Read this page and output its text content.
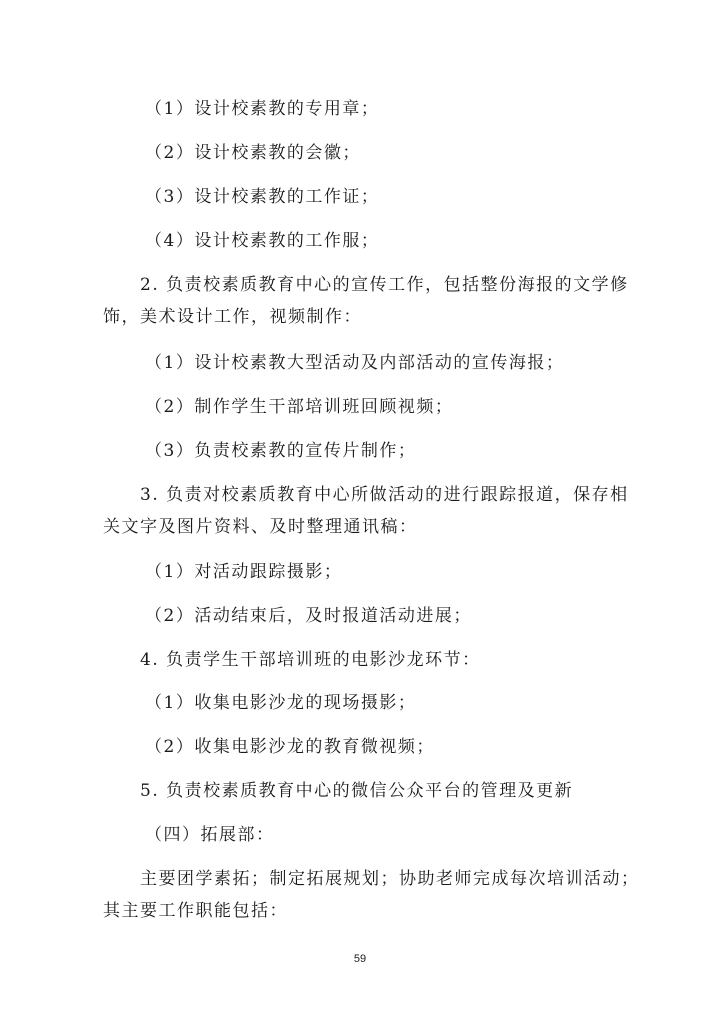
（1）设计校素教的专用章；
（2）设计校素教的会徽；
（3）设计校素教的工作证；
（4）设计校素教的工作服；
2. 负责校素质教育中心的宣传工作，包括整份海报的文学修
饰，美术设计工作，视频制作：
（1）设计校素教大型活动及内部活动的宣传海报；
（2）制作学生干部培训班回顾视频；
（3）负责校素教的宣传片制作；
3. 负责对校素质教育中心所做活动的进行跟踪报道，保存相
关文字及图片资料、及时整理通讯稿：
（1）对活动跟踪摄影；
（2）活动结束后，及时报道活动进展；
4. 负责学生干部培训班的电影沙龙环节：
（1）收集电影沙龙的现场摄影；
（2）收集电影沙龙的教育微视频；
5. 负责校素质教育中心的微信公众平台的管理及更新
（四）拓展部：
主要团学素拓；制定拓展规划；协助老师完成每次培训活动；
其主要工作职能包括：
59
